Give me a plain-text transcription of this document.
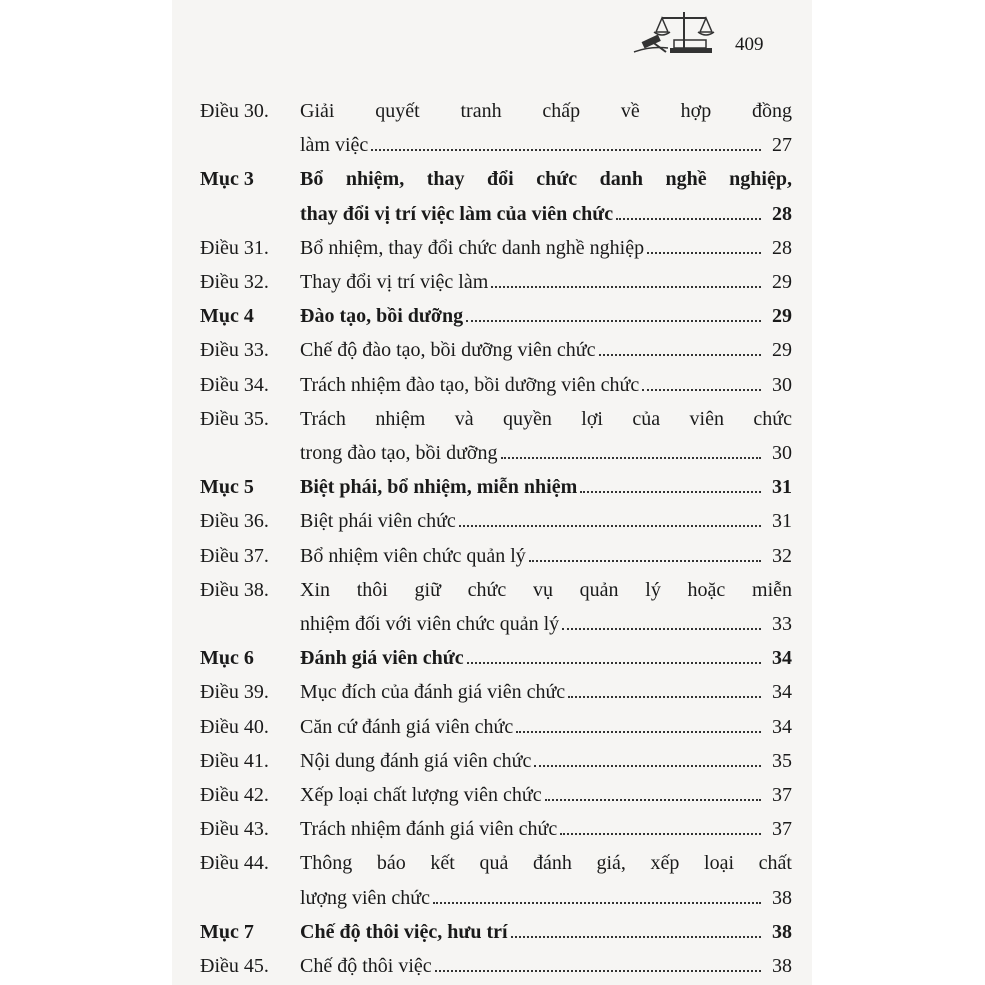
409
Điều 30. Giải quyết tranh chấp về hợp đồng
làm việc	27
Mục 3 Bổ nhiệm, thay đổi chức danh nghề nghiệp,
thay đổi vị trí việc làm của viên chức	28
Điều 31. Bổ nhiệm, thay đổi chức danh nghề nghiệp	28
Điều 32. Thay đổi vị trí việc làm	29
Mục 4 Đào tạo, bồi dưỡng	29
Điều 33. Chế độ đào tạo, bồi dưỡng viên chức	29
Điều 34. Trách nhiệm đào tạo, bồi dưỡng viên chức	30
Điều 35. Trách nhiệm và quyền lợi của viên chức
trong đào tạo, bồi dưỡng	30
Mục 5 Biệt phái, bổ nhiệm, miễn nhiệm	31
Điều 36. Biệt phái viên chức	31
Điều 37. Bổ nhiệm viên chức quản lý	32
Điều 38. Xin thôi giữ chức vụ quản lý hoặc miễn
nhiệm đối với viên chức quản lý	33
Mục 6 Đánh giá viên chức	34
Điều 39. Mục đích của đánh giá viên chức	34
Điều 40. Căn cứ đánh giá viên chức	34
Điều 41. Nội dung đánh giá viên chức	35
Điều 42. Xếp loại chất lượng viên chức	37
Điều 43. Trách nhiệm đánh giá viên chức	37
Điều 44. Thông báo kết quả đánh giá, xếp loại chất
lượng viên chức	38
Mục 7 Chế độ thôi việc, hưu trí	38
Điều 45. Chế độ thôi việc	38
